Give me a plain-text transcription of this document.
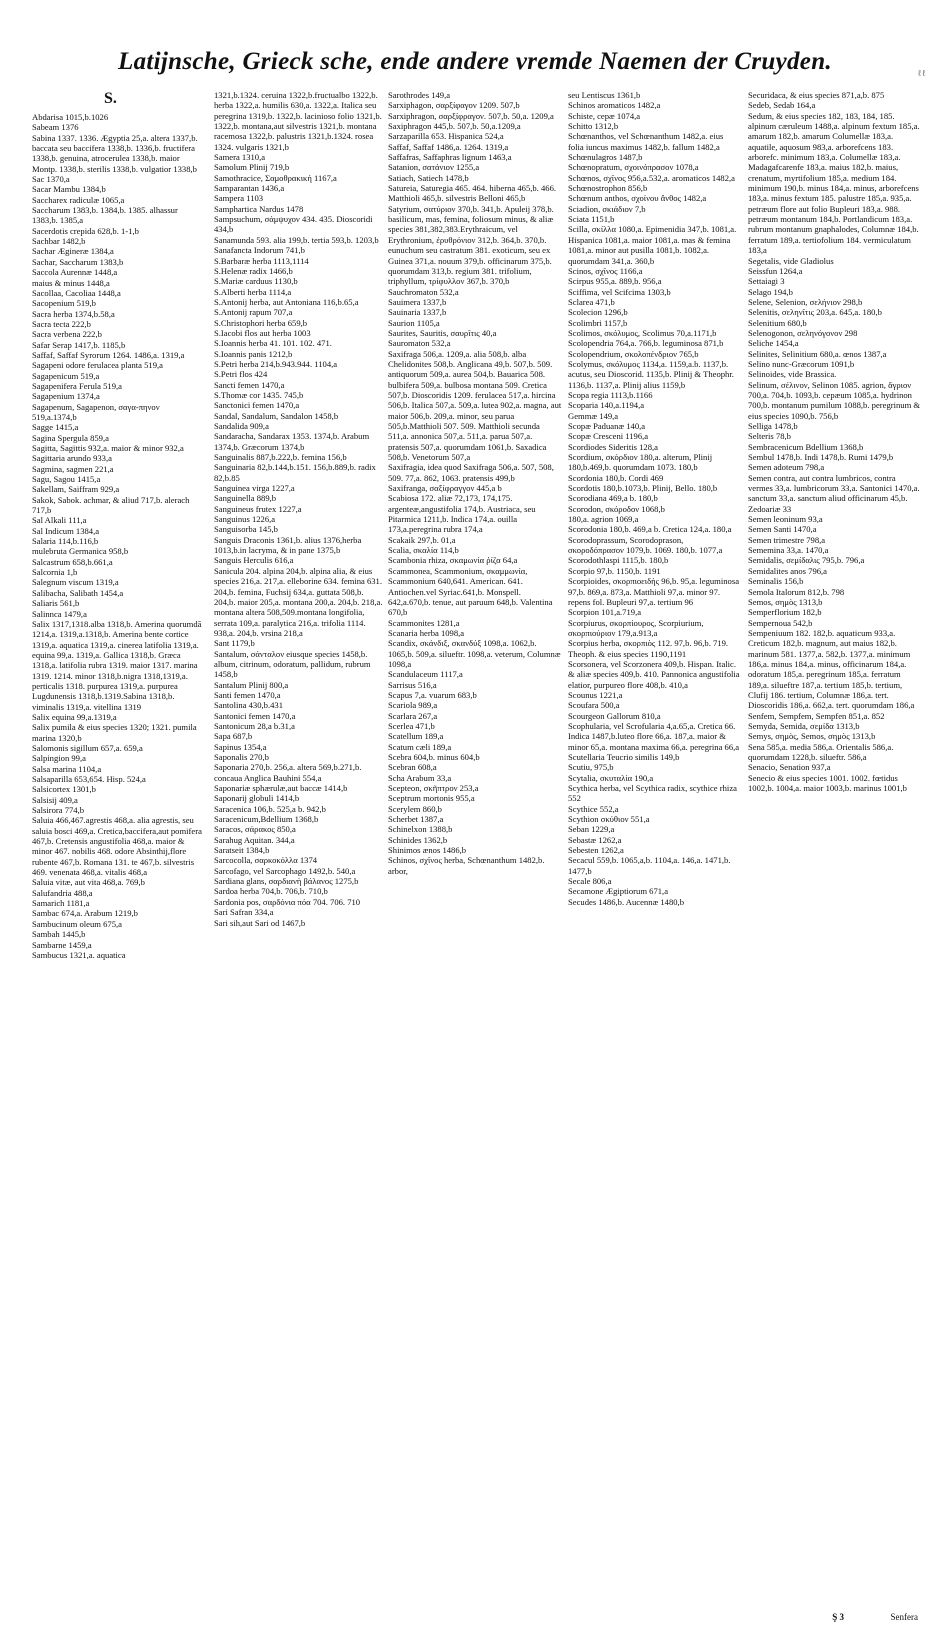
Latijnsche, Grieck sche, ende andere vremde Naemen der Cruyden.	ℓℓ
S.
Abdarisa 1015,b.1026
Sabeam 1376
Sabina 1337. 1336. Ægyptia 25,a. altera 1337,b. baccata seu baccifera 1338,b. 1336,b. fructifera 1338,b. genuina, atrocerulea 1338,b. maior Montp. 1338,b. sterilis 1338,b. vulgatior 1338,b
Sac 1370,a
Sacar Mambu 1384,b
Saccharex radiculæ 1065,a
Saccharum 1383,b. 1384,b. 1385. alhassur 1383,b. 1385,a
Sacerdotis crepida 628,b. 1-1,b
Sachbar 1482,b
Sachar Ægineræ 1384,a
Sachar, Saccharum 1383,b
Saccola Aurennæ 1448,a
maius & minus 1448,a
Sacollaa, Cacoliaa 1448,a
Sacopenium 519,b
Sacra herba 1374,b.58,a
Sacra tecta 222,b
Sacra verbena 222,b
Safar Serap 1417,b. 1185,b
Saffaf, Saffaf Syrorum 1264. 1486,a. 1319,a
Sagapeni odore ferulacea planta 519,a
Sagapenicum 519,a
Sagapenifera Ferula 519,a
Sagapenium 1374,a
Sagapenum, Sagapenon, σαγα-πηνον 519,a.1374,b
Sagge 1415,a
Sagina Spergula 859,a
Sagitta, Sagittis 932,a. maior & minor 932,a
Sagittaria arundo 933,a
Sagmina, sagmen 221,a
Sagu, Sagou 1415,a
Sakellam, Saiffram 929,a
Sakok, Sabok. achmar, & aliud 717,b. alerach 717,b
Sal Alkali 111,a
Sal Indicum 1384,a
Salaria 114,b.116,b
mulebruta Germanica 958,b
Salcastrum 658,b.661,a
Salcornia 1,b
Salegnum viscum 1319,a
Salibacha, Salibath 1454,a
Saliaris 561,b
Salinnca 1479,a
Salix 1317,1318.alba 1318,b. Amerina quorumdā 1214,a. 1319,a.1318,b. Amerina bente cortice 1319,a. aquatica 1319,a. cinerea latifolia 1319,a. equina 99,a. 1319,a. Gallica 1318,b. Græca 1318,a. latifolia rubra 1319. maior 1317. marina 1319. 1214. minor 1318,b.nigra 1318,1319,a. perticalis 1318. purpurea 1319,a. purpurea Lugdunensis 1318,b.1319.Sabina 1318,b. viminalis 1319,a. vitellina 1319
Salix equina 99,a.1319,a
Salix pumila & eius species 1320; 1321. pumila marina 1320,b
Salomonis sigillum 657,a. 659,a
Salpingion 99,a
Salsa marina 1104,a
Salsaparilla 653,654. Hisp. 524,a
Salsicortex 1301,b
Salsisij 409,a
Salsirora 774,b
Saluia 466,467.agrestis 468,a. alia agrestis, seu saluia bosci 469,a. Cretica,baccifera,aut pomifera 467,b. Cretensis angustifolia 468,a. maior & minor 467. nobilis 468. odore Absinthij,flore rubente 467,b. Romana 131. te 467,b. silvestris 469. venenata 468,a. vitalis 468,a
Saluia vitæ, aut vita 468,a. 769,b
Salufandria 488,a
Samarich 1181,a
Sambac 674,a. Arabum 1219,b
Sambucinum oleum 675,a
Sambah 1445,b
Sambarne 1459,a
Sambucus 1321,a. aquatica
1321,b.1324. ceruina 1322,b.fructualbo 1322,b. herba 1322,a. humilis 630,a. 1322,a. Italica seu peregrina 1319,b. 1322,b. lacinioso folio 1321,b. 1322,b. montana,aut silvestris 1321,b. montana racemosa 1322,b. palustris 1321,b.1324. rosea 1324. vulgaris 1321,b
Samera 1310,a
Samolum Plinij 719,b
Samothracice, Σαμοθρακική 1167,a
Samparantan 1436,a
Sampera 1103
Samphartica Nardus 1478
Sampsuchum, σάμψυχον 434. 435. Dioscoridi 434,b
Sanamunda 593. alia 199,b. tertia 593,b. 1203,b
Sanafancta Indorum 741,b
S.Barbaræ herba 1113,1114
S.Helenæ radix 1466,b
S.Mariæ carduus 1130,b
S.Alberti herba 1114,a
S.Antonij herba, aut Antoniana 116,b.65,a
S.Antonij rapum 707,a
S.Christophori herba 659,b
S.Iacobi flos aut herba 1003
S.Ioannis herba 41. 101. 102. 471.
S.Ioannis panis 1212,b
S.Petri herba 214,b.943.944. 1104,a
S.Petri flos 424
Sancti femen 1470,a
S.Thomæ cor 1435. 745,b
Sanctonici femen 1470,a
Sandal, Sandalum, Sandalon 1458,b
Sandalida 909,a
Sandaracha, Sandarax 1353. 1374,b. Arabum 1374,b. Græcorum 1374,b
Sanguinalis 887,b.222,b. femina 156,b
Sanguinaria 82,b.144,b.151. 156,b.889,b. radix 82,b.85
Sanguinea virga 1227,a
Sanguinella 889,b
Sanguineus frutex 1227,a
Sanguinus 1226,a
Sanguisorba 145,b
Sanguis Draconis 1361,b. alius 1376,herba 1013,b.in lacryma, & in pane 1375,b
Sanguis Herculis 616,a
Sanicula 204. alpina 204,b. alpina alia, & eius species 216,a. 217,a. elleborine 634. femina 631. 204,b. femina, Fuchsij 634,a. guttata 508,b. 204,b. maior 205,a. montana 200,a. 204,b. 218,a. montana altera 508,509.montana longifolia, serrata 109,a. paralytica 216,a. trifolia 1114. 938,a. 204,b. vrsina 218,a
Sant 1179,b
Santalum, σάνταλον eiusque species 1458,b. album, citrinum, odoratum, pallidum, rubrum 1458,b
Santalum Plinij 800,a
Santi femen 1470,a
Santolina 430,b.431
Santonici femen 1470,a
Santonicum 28,a b.31,a
Sapa 687,b
Sapinus 1354,a
Saponalis 270,b
Saponaria 270,b. 256,a. altera 569,b.271,b. concaua Anglica Bauhini 554,a
Saponariæ sphærulæ,aut baccæ 1414,b
Saponarij globuli 1414,b
Saracenica 106,b. 525,a b. 942,b
Saracenicum,Bdellium 1368,b
Saracos, σάρακος 850,a
Sarahug Aquitan. 344,a
Saratseit 1384,b
Sarcocolla, σαρκοκόλλα 1374
Sarcofago, vel Sarcophago 1492,b. 540,a
Sardiana glans, σαρδιανὴ βάλανος 1275,b
Sardoa herba 704,b. 706,b. 710,b
Sardonia pos, σαρδόνια πόα 704. 706. 710
Sari Safran 334,a
Sari sih,aut Sari od 1467,b
Sarothrodes 149,a
Sarxiphagon, σαρξίφαγον 1209. 507,b
Sarxiphragon, σαρξίφραγον. 507,b. 50,a. 1209,a
Saxiphragon 445,b. 507,b. 50,a.1209,a
Sarzaparilla 653. Hispanica 524,a
Saffaf, Saffaf 1486,a. 1264. 1319,a
Saffafras, Saffaphras lignum 1463,a
Satanion, σατάνιον 1255,a
Satiach, Satiech 1478,b
Satureia, Saturegia 465. 464. hiberna 465,b. 466. Matthioli 465,b. silvestris Belloni 465,b
Satyrium, σατύριον 370,b. 341,b. Apuleij 378,b. basilicum, mas, femina, foliosum minus, & aliæ species 381,382,383.Erythraicum, vel Erythronium, ἐρυθρόνιον 312,b. 364,b. 370,b. eunuchum seu castratum 381. exoticum, seu ex Guinea 371,a. nouum 379,b. officinarum 375,b. quorumdam 313,b. regium 381. trifolium, triphyllum, τρίφυλλον 367,b. 370,b
Sauchromaton 532,a
Sauimera 1337,b
Sauinaria 1337,b
Saurion 1105,a
Saurites, Sauritis, σαυρῖτις 40,a
Sauromaton 532,a
Saxifraga 506,a. 1209,a. alia 508,b. alba Chelidonites 508,b. Anglicana 49,b. 507,b. 509. antiquorum 509,a. aurea 504,b. Bauarica 508. bulbifera 509,a. bulbosa montana 509. Cretica 507,b. Dioscoridis 1209. ferulacea 517,a. hircina 506,b. Italica 507,a. 509,a. lutea 902,a. magna, aut maior 506,b. 209,a. minor, seu parua 505,b.Matthioli 507. 509. Matthioli secunda 511,a. annonica 507,a. 511,a. parua 507,a. pratensis 507,a. quorumdam 1061,b. Saxadica 508,b. Venetorum 507,a
Saxifragia, idea quod Saxifraga 506,a. 507, 508, 509. 77,a. 862, 1063. pratensis 499,b
Saxifranga, σαξίφραγγον 445,a b
Scabiosa 172. aliæ 72,173, 174,175. argenteæ,angustifolia 174,b. Austriaca, seu Pitarmica 1211,b. Indica 174,a. ouilla 173,a.peregrina rubra 174,a
Scakaik 297,b. 01,a
Scalia, σκαλία 114,b
Scambonia rhiza, σκαμωνία ῥίζα 64,a
Scammonea, Scammonium, σκαμμωνία, Scammonium 640,641. American. 641. Antiochen.vel Syriac.641,b. Monspell. 642,a.670,b. tenue, aut paruum 648,b. Valentina 670,b
Scammonites 1281,a
Scanaria herba 1098,a
Scandix, σκάνδιξ, σκανδύξ 1098,a. 1062,b. 1065,b. 509,a. silueftr. 1098,a. veterum, Columnæ 1098,a
Scandulaceum 1117,a
Sarrisus 516,a
Scapus 7,a. vuarum 683,b
Scariola 989,a
Scarlara 267,a
Scerlea 471,b
Scatellum 189,a
Scatum cæli 189,a
Scebra 604,b. minus 604,b
Scebran 608,a
Scha Arabum 33,a
Scepteon, σκῆπτρον 253,a
Sceptrum mortonis 955,a
Scerylem 860,b
Scherbet 1387,a
Schinelxon 1388,b
Schinides 1362,b
Shinimos ænos 1486,b
Schinos, σχῖνος herba, Schœnanthum 1482,b. arbor,
seu Lentiscus 1361,b
Schinos aromaticos 1482,a
Schiste, cepæ 1074,a
Schitto 1312,b
Schœnanthos, vel Schœnanthum 1482,a. eius folia iuncus maximus 1482,b. fallum 1482,a
Schœnulagros 1487,b
Schœnopratum, σχοινόπρασον 1078,a
Schœnos, σχῖνος 956,a.532,a. aromaticos 1482,a
Schœnostrophon 856,b
Schœnum anthos, σχοίνου ἄνθος 1482,a
Sciadion, σκιάδιον 7,b
Sciata 1151,b
Scilla, σκίλλα 1080,a. Epimenidia 347,b. 1081,a. Hispanica 1081,a. maior 1081,a. mas & femina 1081,a. minor aut pusilla 1081,b. 1082,a. quorumdam 341,a. 360,b
Scinos, σχῖνος 1166,a
Scirpus 955,a. 889,b. 956,a
Sciffima, vel Scifcima 1303,b
Sclarea 471,b
Scolecion 1296,b
Scolimbri 1157,b
Scolimos, σκόλυμος, Scolimus 70,a.1171,b
Scolopendria 764,a. 766,b. leguminosa 871,b
Scolopendrium, σκολοπένδριον 765,b
Scolymus, σκόλυμος 1134,a. 1159,a.b. 1137,b. acutus, seu Dioscorid. 1135,b. Plinij & Theophr. 1136,b. 1137,a. Plinij alius 1159,b
Scopa regia 1113,b.1166
Scoparia 140,a.1194,a
Gemmæ 149,a
Scopæ Paduanæ 140,a
Scopæ Cresceni 1196,a
Scordiodes Sideritis 128,a
Scordium, σκόρδιον 180,a. alterum, Plinij 180,b.469,b. quorumdam 1073. 180,b
Scordonia 180,b. Cordi 469
Scordotis 180,b.1073,b. Plinij, Bello. 180,b
Scorodiana 469,a b. 180,b
Scorodon, σκόροδον 1068,b
180,a. agrion 1069,a
Scorodonia 180,b. 469,a b. Cretica 124,a. 180,a
Scorodoprassum, Scorodoprason, σκοροδόπρασον 1079,b. 1069. 180,b. 1077,a
Scorodothlaspi 1115,b. 180,b
Scorpio 97,b. 1150,b. 1191
Scorpioides, σκορπιοειδὴς 96,b. 95,a. leguminosa 97,b. 869,a. 873,a. Matthioli 97,a. minor 97. repens fol. Bupleuri 97,a. tertium 96
Scorpion 101,a.719,a
Scorpiurus, σκορπίουρος, Scorpiurium, σκορπιούριον 179,a.913,a
Scorpius herba, σκορπιὸς 112. 97,b. 96,b. 719. Theoph. & eius species 1190,1191
Scorsonera, vel Scorzonera 409,b. Hispan. Italic. & aliæ species 409,b. 410. Pannonica angustifolia elatior, purpureo flore 408,b. 410,a
Scounus 1221,a
Scoufara 500,a
Scourgeon Gallorum 810,a
Scophularia, vel Scrofularia 4,a.65,a. Cretica 66. Indica 1487,b.luteo flore 66,a. 187,a. maior & minor 65,a. montana maxima 66,a. peregrina 66,a
Scutellaria Teucrio similis 149,b
Scutiu, 975,b
Scytalia, σκυταλία 190,a
Scythica herba, vel Scythica radix, scythice rhiza 552
Scythice 552,a
Scythion σκύθιον 551,a
Seban 1229,a
Sebastæ 1262,a
Sebesten 1262,a
Secacul 559,b. 1065,a,b. 1104,a. 146,a. 1471,b. 1477,b
Secale 806,a
Secamone Ægiptiorum 671,a
Secudes 1486,b. Aucennæ 1480,b
Securidaca, & eius species 871,a,b. 875
Sedeb, Sedab 164,a
Sedum, & eius species 182, 183, 184, 185. alpinum cæruleum 1488,a. alpinum fextum 185,a. amarum 182,b. amarum Columellæ 183,a. aquatile, aquosum 983,a. arborefcens 183. arborefc. minimum 183,a. Columellæ 183,a. Madagafcarenfe 183,a. maius 182,b. maius, crenatum, myrtifolium 185,a. medium 184. minimum 190,b. minus 184,a. minus, arborefcens 183,a. minus fextum 185. palustre 185,a. 935,a. petræum flore aut folio Bupleuri 183,a. 988. petræum montanum 184,b. Portlandicum 183,a. rubrum montanum gnaphalodes, Columnæ 184,b. ferratum 189,a. tertiofolium 184. vermiculatum 183,a
Segetalis, vide Gladiolus
Seissfun 1264,a
Settaiagi 3
Selago 194,b
Selene, Selenion, σελήνιον 298,b
Selenitis, σεληνῖτις 203,a. 645,a. 180,b
Selenitium 680,b
Selenogonon, σεληνόγονον 298
Seliche 1454,a
Selinites, Selinitium 680,a. œnos 1387,a
Selino nunc-Græcorum 1091,b
Selinoides, vide Brassica.
Selinum, σέλινον, Selinon 1085. agrion, ἄγριον 700,a. 704,b. 1093,b. cepæum 1085,a. hydrinon 700,b. montanum pumilum 1088,b. peregrinum & eius species 1090,b. 756,b
Selliga 1478,b
Selteris 78,b
Sembracenicum Bdellium 1368,b
Sembul 1478,b. Indi 1478,b. Rumi 1479,b
Semen adoteum 798,a
Semen contra, aut contra lumbricos, contra vermes 33,a. lumbricorum 33,a. Santonici 1470,a. sanctum 33,a. sanctum aliud officinarum 45,b. Zedoariæ 33
Semen leoninum 93,a
Semen Santi 1470,a
Semen trimestre 798,a
Sememina 33,a. 1470,a
Semidalis, σεμίδαλις 795,b. 796,a
Semidalites anos 796,a
Seminalis 156,b
Semola Italorum 812,b. 798
Semos, σημὸς 1313,b
Semperflorium 182,b
Sempernoua 542,b
Sempeniuum 182. 182,b. aquaticum 933,a. Creticum 182,b. magnum, aut maius 182,b. marinum 581. 1377,a. 582,b. 1377,a. minimum 186,a. minus 184,a. minus, officinarum 184,a. odoratum 185,a. peregrinum 185,a. ferratum 189,a. silueftre 187,a. tertium 185,b. tertium, Clufij 186. tertium, Columnæ 186,a. tert. Dioscoridis 186,a. 662,a. tert. quorumdam 186,a
Senfem, Sempfem, Sempfen 851,a. 852
Semyda, Semida, σεμίδα 1313,b
Semys, σημὸς, Semos, σημὸς 1313,b
Sena 585,a. media 586,a. Orientalis 586,a. quorumdam 1228,b. silueftr. 586,a
Senacio, Senation 937,a
Senecio & eius species 1001. 1002. fœtidus 1002,b. 1004,a. maior 1003,b. marinus 1001,b
Ş 3	Senfera
